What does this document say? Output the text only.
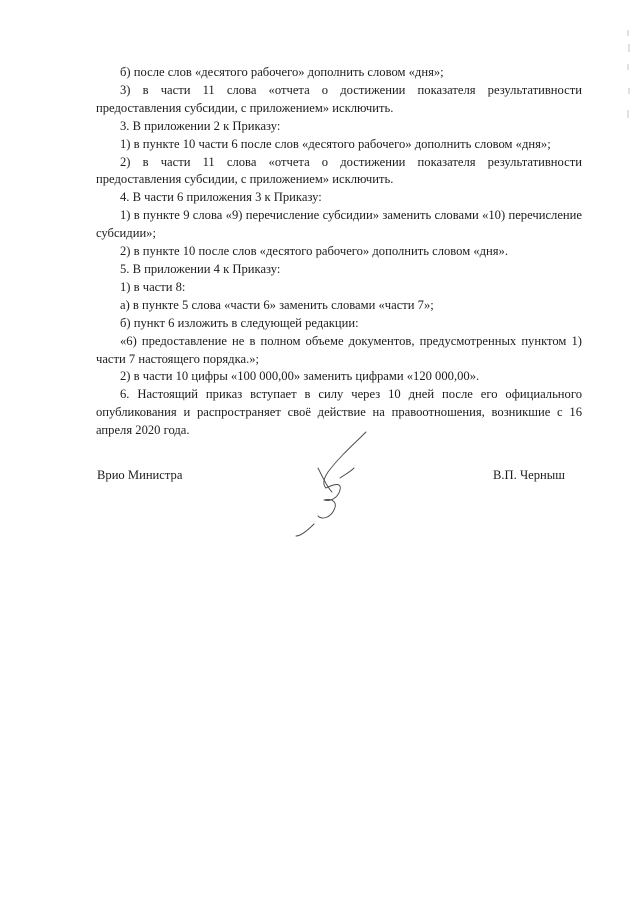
б) после слов «десятого рабочего» дополнить словом «дня»;

3) в части 11 слова «отчета о достижении показателя результативности предоставления субсидии, с приложением» исключить.

3. В приложении 2 к Приказу:

1) в пункте 10 части 6 после слов «десятого рабочего» дополнить словом «дня»;

2) в части 11 слова «отчета о достижении показателя результативности предоставления субсидии, с приложением» исключить.

4. В части 6 приложения 3 к Приказу:

1) в пункте 9 слова «9) перечисление субсидии» заменить словами «10) перечисление субсидии»;

2) в пункте 10 после слов «десятого рабочего» дополнить словом «дня».

5. В приложении 4 к Приказу:

1) в части 8:

а) в пункте 5 слова «части 6» заменить словами «части 7»;

б) пункт 6 изложить в следующей редакции:

«6) предоставление не в полном объеме документов, предусмотренных пунктом 1) части 7 настоящего порядка.»;

2) в части 10 цифры «100 000,00» заменить цифрами «120 000,00».

6. Настоящий приказ вступает в силу через 10 дней после его официального опубликования и распространяет своё действие на правоотношения, возникшие с 16 апреля 2020 года.

Врио Министра	В.П. Черныш
